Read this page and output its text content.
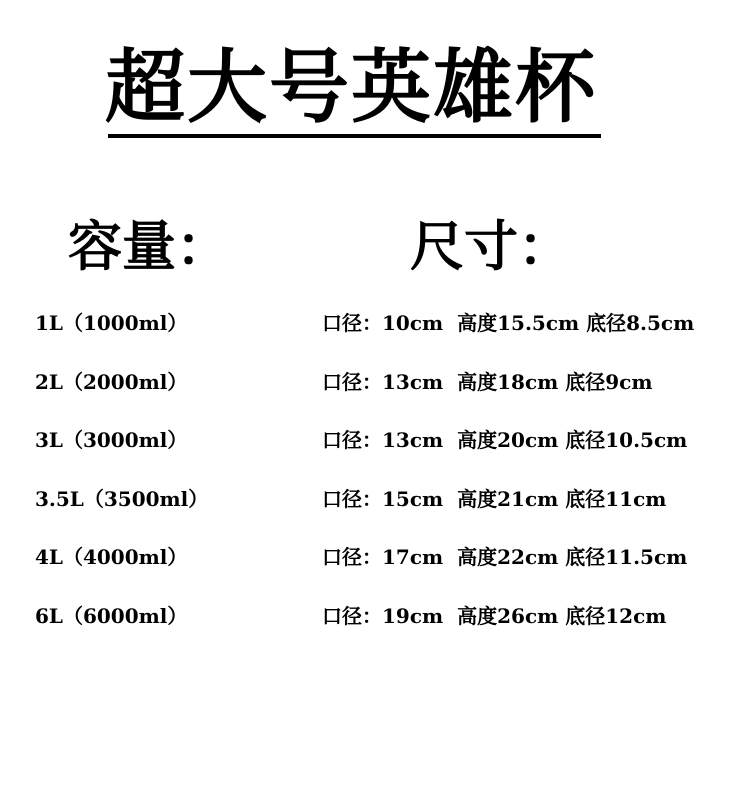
超大号英雄杯
容量：	尺寸：
1L（1000ml）	口径：10cm 高度15.5cm 底径8.5cm
2L（2000ml）	口径：13cm 高度18cm 底径9cm
3L（3000ml）	口径：13cm 高度20cm 底径10.5cm
3.5L（3500ml）	口径：15cm 高度21cm 底径11cm
4L（4000ml）	口径：17cm 高度22cm 底径11.5cm
6L（6000ml）	口径：19cm 高度26cm 底径12cm
